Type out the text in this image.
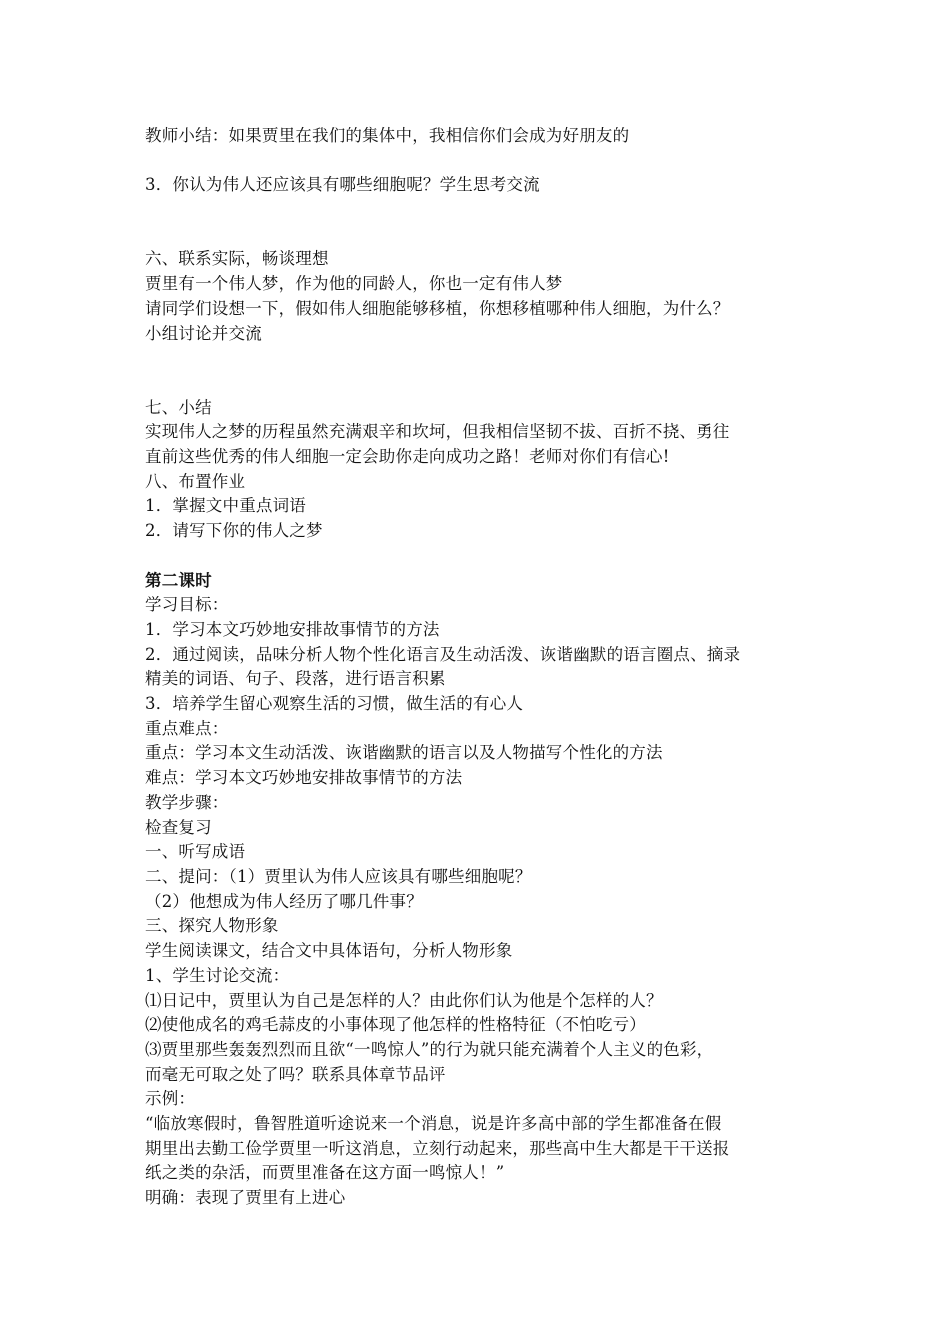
教师小结：如果贾里在我们的集体中，我相信你们会成为好朋友的
3．你认为伟人还应该具有哪些细胞呢？学生思考交流
六、联系实际，畅谈理想
贾里有一个伟人梦，作为他的同龄人，你也一定有伟人梦
请同学们设想一下，假如伟人细胞能够移植，你想移植哪种伟人细胞，为什么？
小组讨论并交流
七、小结
实现伟人之梦的历程虽然充满艰辛和坎坷，但我相信坚韧不拔、百折不挠、勇往
直前这些优秀的伟人细胞一定会助你走向成功之路！老师对你们有信心!
八、布置作业
1．掌握文中重点词语
2．请写下你的伟人之梦
第二课时
学习目标：
1．学习本文巧妙地安排故事情节的方法
2．通过阅读，品味分析人物个性化语言及生动活泼、诙谐幽默的语言圈点、摘录
精美的词语、句子、段落，进行语言积累
3．培养学生留心观察生活的习惯，做生活的有心人
重点难点：
重点：学习本文生动活泼、诙谐幽默的语言以及人物描写个性化的方法
难点：学习本文巧妙地安排故事情节的方法
教学步骤：
检查复习
一、听写成语
二、提问：（1）贾里认为伟人应该具有哪些细胞呢？
（2）他想成为伟人经历了哪几件事？
三、探究人物形象
学生阅读课文，结合文中具体语句，分析人物形象
1、学生讨论交流：
⑴日记中，贾里认为自己是怎样的人？由此你们认为他是个怎样的人？
⑵使他成名的鸡毛蒜皮的小事体现了他怎样的性格特征（不怕吃亏）
⑶贾里那些轰轰烈烈而且欲“一鸣惊人”的行为就只能充满着个人主义的色彩，
而毫无可取之处了吗？联系具体章节品评
示例：
“临放寒假时，鲁智胜道听途说来一个消息，说是许多高中部的学生都准备在假
期里出去勤工俭学贾里一听这消息，立刻行动起来，那些高中生大都是干干送报
纸之类的杂活，而贾里准备在这方面一鸣惊人！”
明确：表现了贾里有上进心
